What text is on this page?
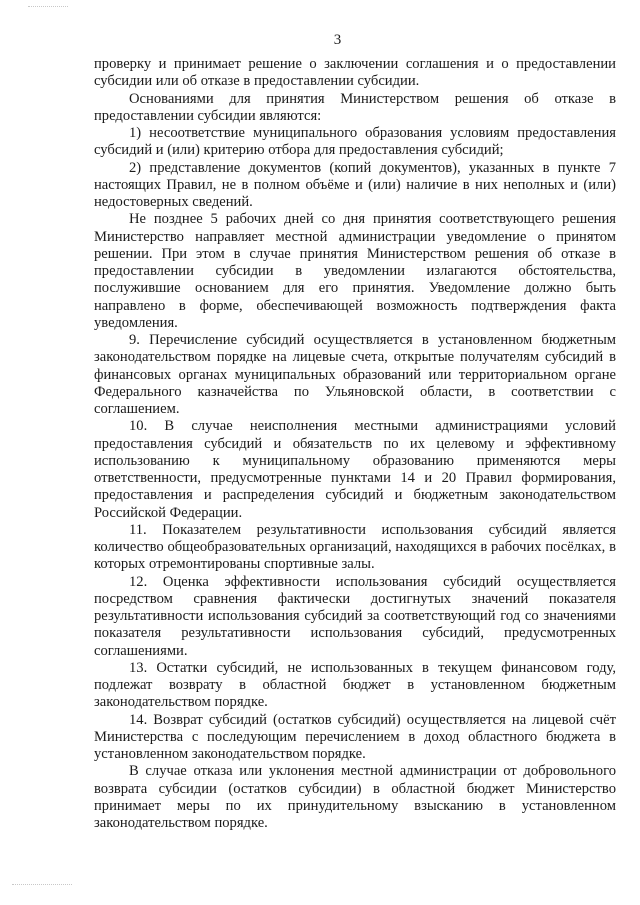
3

проверку и принимает решение о заключении соглашения и о предоставлении субсидии или об отказе в предоставлении субсидии.

Основаниями для принятия Министерством решения об отказе в предоставлении субсидии являются:

1) несоответствие муниципального образования условиям предоставления субсидий и (или) критерию отбора для предоставления субсидий;

2) представление документов (копий документов), указанных в пункте 7 настоящих Правил, не в полном объёме и (или) наличие в них неполных и (или) недостоверных сведений.

Не позднее 5 рабочих дней со дня принятия соответствующего решения Министерство направляет местной администрации уведомление о принятом решении. При этом в случае принятия Министерством решения об отказе в предоставлении субсидии в уведомлении излагаются обстоятельства, послужившие основанием для его принятия. Уведомление должно быть направлено в форме, обеспечивающей возможность подтверждения факта уведомления.

9. Перечисление субсидий осуществляется в установленном бюджетным законодательством порядке на лицевые счета, открытые получателям субсидий в финансовых органах муниципальных образований или территориальном органе Федерального казначейства по Ульяновской области, в соответствии с соглашением.

10. В случае неисполнения местными администрациями условий предоставления субсидий и обязательств по их целевому и эффективному использованию к муниципальному образованию применяются меры ответственности, предусмотренные пунктами 14 и 20 Правил формирования, предоставления и распределения субсидий и бюджетным законодательством Российской Федерации.

11. Показателем результативности использования субсидий является количество общеобразовательных организаций, находящихся в рабочих посёлках, в которых отремонтированы спортивные залы.

12. Оценка эффективности использования субсидий осуществляется посредством сравнения фактически достигнутых значений показателя результативности использования субсидий за соответствующий год со значениями показателя результативности использования субсидий, предусмотренных соглашениями.

13. Остатки субсидий, не использованных в текущем финансовом году, подлежат возврату в областной бюджет в установленном бюджетным законодательством порядке.

14. Возврат субсидий (остатков субсидий) осуществляется на лицевой счёт Министерства с последующим перечислением в доход областного бюджета в установленном законодательством порядке.

В случае отказа или уклонения местной администрации от добровольного возврата субсидии (остатков субсидии) в областной бюджет Министерство принимает меры по их принудительному взысканию в установленном законодательством порядке.
